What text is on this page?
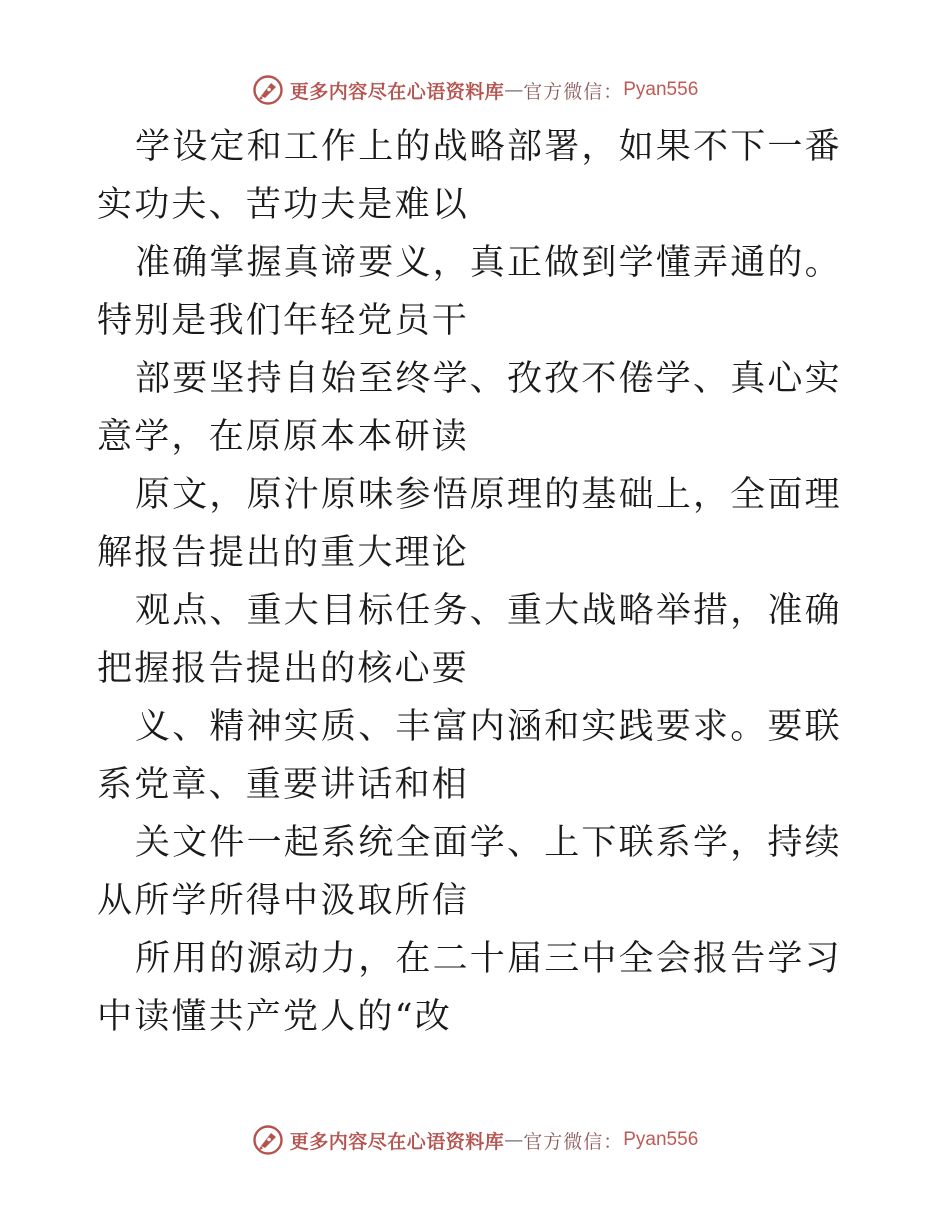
更多内容尽在心语资料库 — 官方微信： Pyan556

学设定和工作上的战略部署，如果不下一番实功夫、苦功夫是难以

准确掌握真谛要义，真正做到学懂弄通的。特别是我们年轻党员干

部要坚持自始至终学、孜孜不倦学、真心实意学，在原原本本研读

原文，原汁原味参悟原理的基础上，全面理解报告提出的重大理论

观点、重大目标任务、重大战略举措，准确把握报告提出的核心要

义、精神实质、丰富内涵和实践要求。要联系党章、重要讲话和相

关文件一起系统全面学、上下联系学，持续从所学所得中汲取所信

所用的源动力，在二十届三中全会报告学习中读懂共产党人的“改

更多内容尽在心语资料库 — 官方微信： Pyan556
